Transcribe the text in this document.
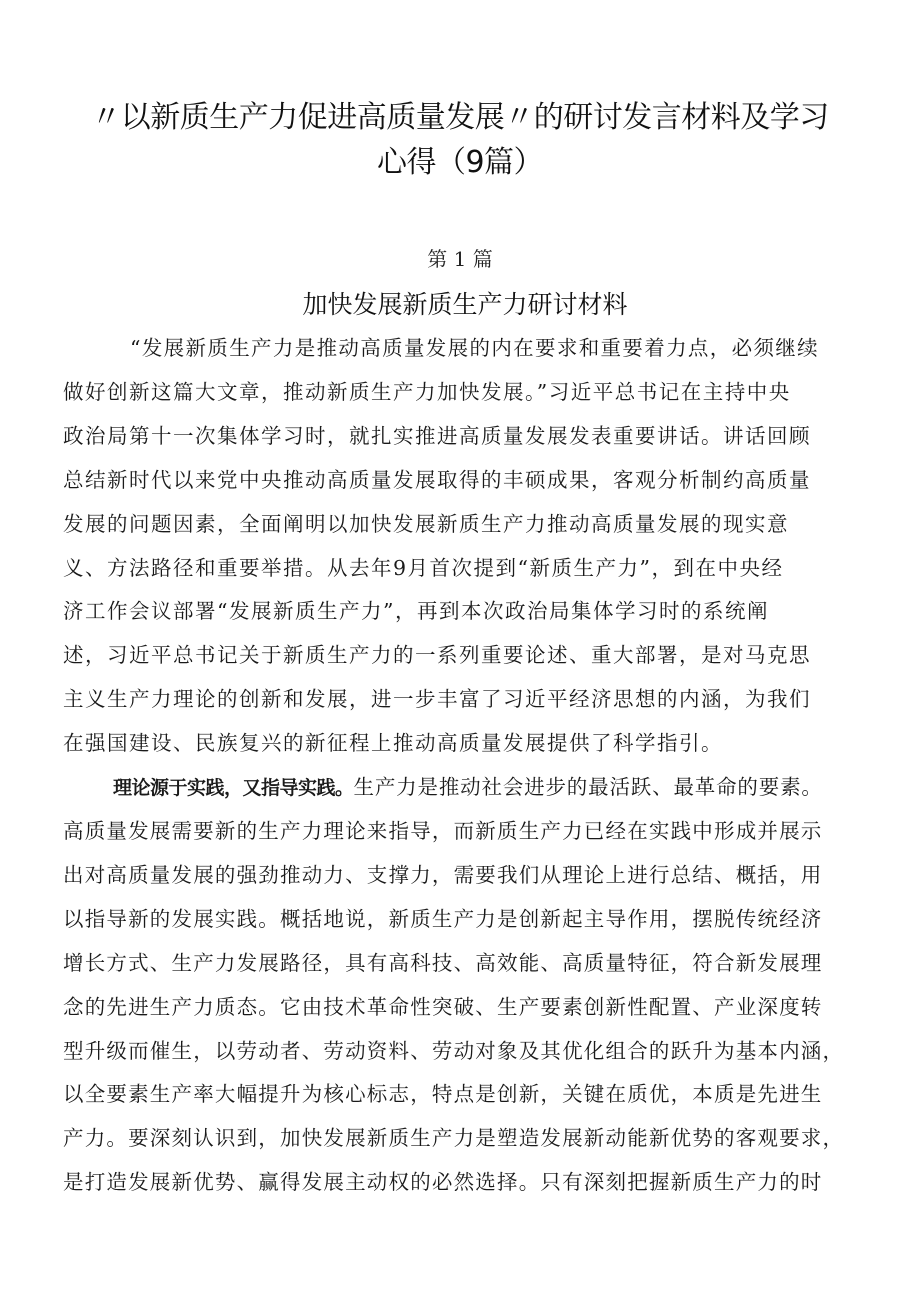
〃以新质生产力促进高质量发展〃的研讨发言材料及学习
心得（9篇）
第 1 篇
加快发展新质生产力研讨材料
“发展新质生产力是推动高质量发展的内在要求和重要着力点，必须继续
做好创新这篇大文章，推动新质生产力加快发展。”习近平总书记在主持中央
政治局第十一次集体学习时，就扎实推进高质量发展发表重要讲话。讲话回顾
总结新时代以来党中央推动高质量发展取得的丰硕成果，客观分析制约高质量
发展的问题因素，全面阐明以加快发展新质生产力推动高质量发展的现实意
义、方法路径和重要举措。从去年9月首次提到“新质生产力”，到在中央经
济工作会议部署“发展新质生产力”，再到本次政治局集体学习时的系统阐
述，习近平总书记关于新质生产力的一系列重要论述、重大部署，是对马克思
主义生产力理论的创新和发展，进一步丰富了习近平经济思想的内涵，为我们
在强国建设、民族复兴的新征程上推动高质量发展提供了科学指引。
理论源于实践，又指导实践。生产力是推动社会进步的最活跃、最革命的要素。
高质量发展需要新的生产力理论来指导，而新质生产力已经在实践中形成并展示
出对高质量发展的强劲推动力、支撑力，需要我们从理论上进行总结、概括，用
以指导新的发展实践。概括地说，新质生产力是创新起主导作用，摆脱传统经济
增长方式、生产力发展路径，具有高科技、高效能、高质量特征，符合新发展理
念的先进生产力质态。它由技术革命性突破、生产要素创新性配置、产业深度转
型升级而催生，以劳动者、劳动资料、劳动对象及其优化组合的跃升为基本内涵，
以全要素生产率大幅提升为核心标志，特点是创新，关键在质优，本质是先进生
产力。要深刻认识到，加快发展新质生产力是塑造发展新动能新优势的客观要求，
是打造发展新优势、赢得发展主动权的必然选择。只有深刻把握新质生产力的时
